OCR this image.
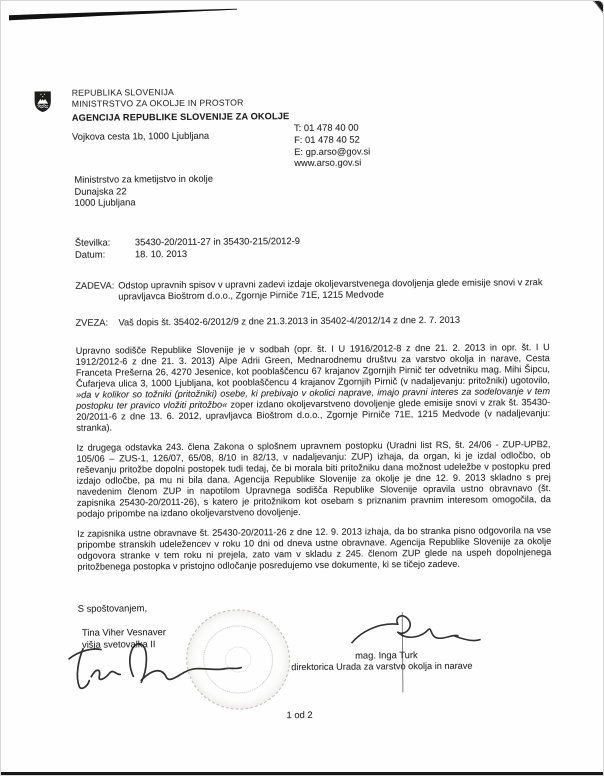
REPUBLIKA SLOVENIJA
MINISTRSTVO ZA OKOLJE IN PROSTOR
AGENCIJA REPUBLIKE SLOVENIJE ZA OKOLJE
Vojkova cesta 1b, 1000 Ljubljana
T: 01 478 40 00
F: 01 478 40 52
E: gp.arso@gov.si
www.arso.gov.si
Ministrstvo za kmetijstvo in okolje
Dunajska 22
1000 Ljubljana
Številka:	35430-20/2011-27 in 35430-215/2012-9
Datum:	18. 10. 2013
ZADEVA: Odstop upravnih spisov v upravni zadevi izdaje okoljevarstvenega dovoljenja glede emisije snovi v zrak upravljavca Bioštrom d.o.o., Zgornje Pirniče 71E, 1215 Medvode
ZVEZA:	Vaš dopis št. 35402-6/2012/9 z dne 21.3.2013 in 35402-4/2012/14 z dne 2. 7. 2013

Upravno sodišče Republike Slovenije je v sodbah (opr. št. I U 1916/2012-8 z dne 21. 2. 2013 in opr. št. I U 1912/2012-6 z dne 21. 3. 2013) Alpe Adrii Green, Mednarodnemu društvu za varstvo okolja in narave, Cesta Franceta Prešerna 26, 4270 Jesenice, kot pooblaščencu 67 krajanov Zgornjih Pirnič ter odvetniku mag. Mihi Šipcu, Čufarjeva ulica 3, 1000 Ljubljana, kot pooblaščencu 4 krajanov Zgornjih Pirnič (v nadaljevanju: pritožniki) ugotovilo, »da v kolikor so tožniki (pritožniki) osebe, ki prebivajo v okolici naprave, imajo pravni interes za sodelovanje v tem postopku ter pravico vložiti pritožbo« zoper izdano okoljevarstveno dovoljenje glede emisije snovi v zrak št. 35430-20/2011-6 z dne 13. 6. 2012, upravljavca Bioštrom d.o.o., Zgornje Pirniče 71E, 1215 Medvode (v nadaljevanju: stranka).

Iz drugega odstavka 243. člena Zakona o splošnem upravnem postopku (Uradni list RS, št. 24/06 - ZUP-UPB2, 105/06 – ZUS-1, 126/07, 65/08, 8/10 in 82/13, v nadaljevanju: ZUP) izhaja, da organ, ki je izdal odločbo, ob reševanju pritožbe dopolni postopek tudi tedaj, če bi morala biti pritožniku dana možnost udeležbe v postopku pred izdajo odločbe, pa mu ni bila dana. Agencija Republike Slovenije za okolje je dne 12. 9. 2013 skladno s prej navedenim členom ZUP in napotilom Upravnega sodišča Republike Slovenije opravila ustno obravnavo (št. zapisnika 25430-20/2011-26), s katero je pritožnikom kot osebam s priznanim pravnim interesom omogočila, da podajo pripombe na izdano okoljevarstveno dovoljenje.

Iz zapisnika ustne obravnave št. 25430-20/2011-26 z dne 12. 9. 2013 izhaja, da bo stranka pisno odgovorila na vse pripombe stranskih udeležencev v roku 10 dni od dneva ustne obravnave. Agencija Republike Slovenije za okolje odgovora stranke v tem roku ni prejela, zato vam v skladu z 245. členom ZUP glede na uspeh dopolnjenega pritožbenega postopka v pristojno odločanje posredujemo vse dokumente, ki se tičejo zadeve.

S spoštovanjem,
Tina Viher Vesnaver
višja svetovalka II
mag. Inga Turk
direktorica Urada za varstvo okolja in narave
1 od 2
